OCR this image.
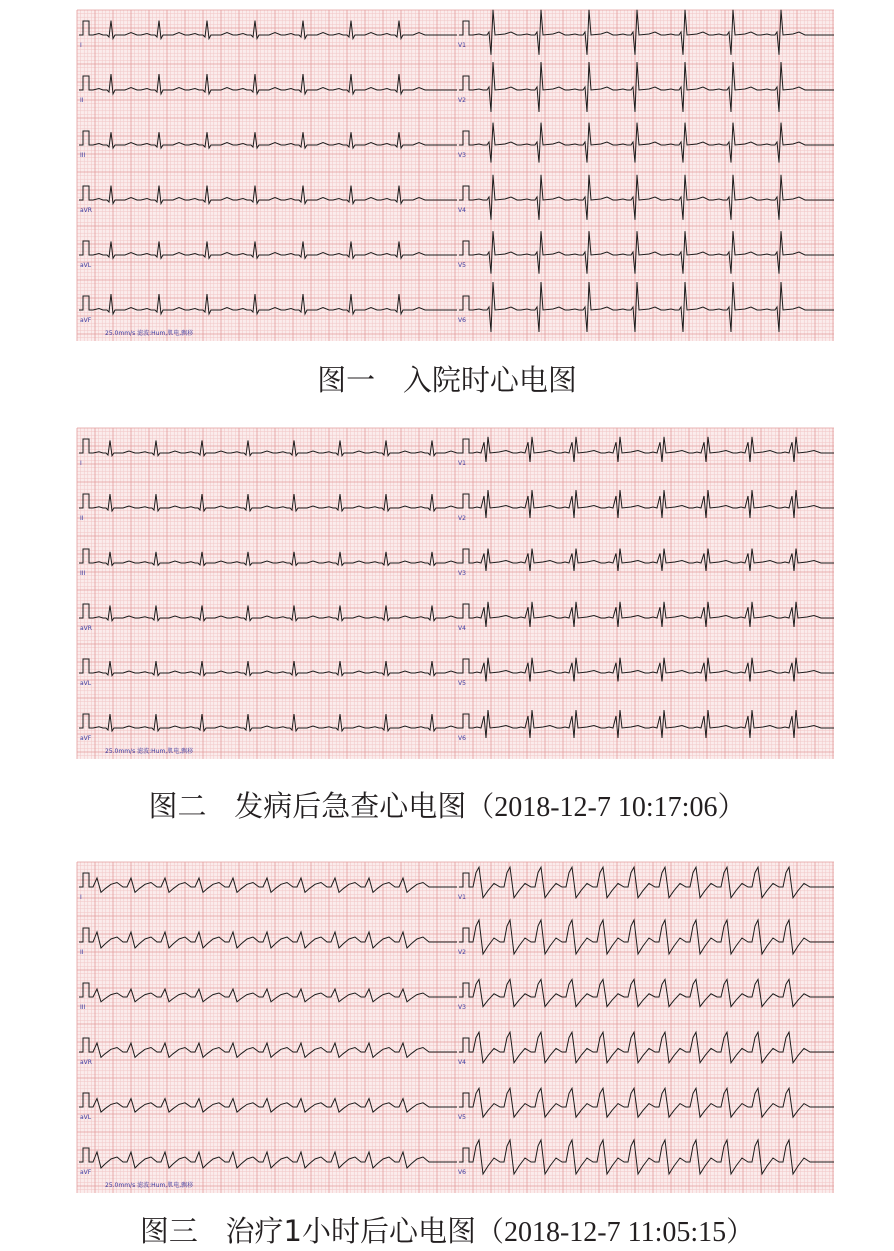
I	V1
II	V2
III	V3
aVR	V4
aVL	V5
aVF	V6
25.0mm/s 滤波:Hum,肌电,飘移
图一 入院时心电图
I	V1
II	V2
III	V3
aVR	V4
aVL	V5
aVF	V6
25.0mm/s 滤波:Hum,肌电,飘移
图二 发病后急查心电图（2018-12-7 10:17:06）
I	V1
II	V2
III	V3
aVR	V4
aVL	V5
aVF	V6
25.0mm/s 滤波:Hum,肌电,飘移
图三 治疗1小时后心电图（2018-12-7 11:05:15）
